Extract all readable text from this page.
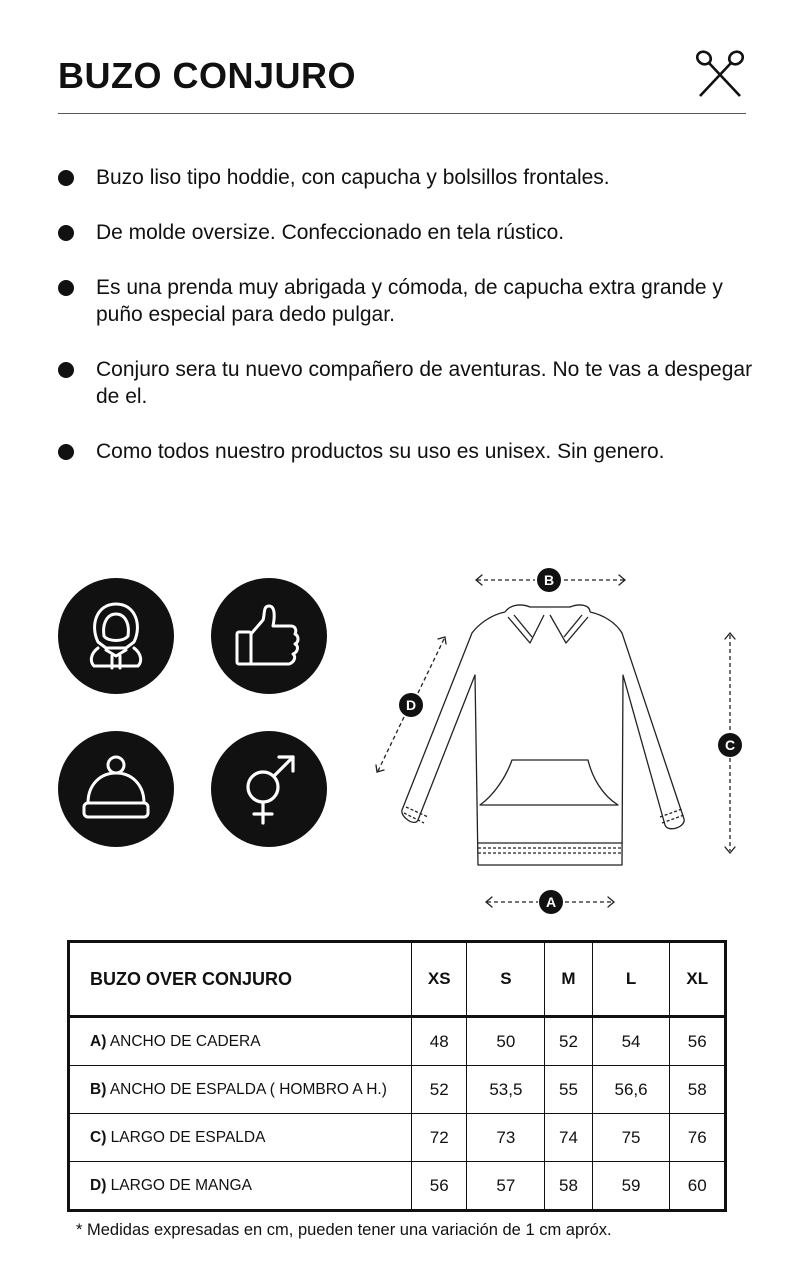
BUZO CONJURO
Buzo liso tipo hoddie, con capucha y bolsillos frontales.
De molde oversize. Confeccionado en tela rústico.
Es una prenda muy abrigada y cómoda, de capucha extra grande y puño especial para dedo pulgar.
Conjuro sera tu nuevo compañero de aventuras. No te vas a despegar de el.
Como todos nuestro productos su uso es unisex. Sin genero.
B
A
C
D
BUZO OVER CONJURO	XS	S	M	L	XL
A) ANCHO DE CADERA	48	50	52	54	56
B) ANCHO DE ESPALDA ( HOMBRO A H.)	52	53,5	55	56,6	58
C) LARGO DE ESPALDA	72	73	74	75	76
D) LARGO DE MANGA	56	57	58	59	60
* Medidas expresadas en cm, pueden tener una variación de 1 cm apróx.
